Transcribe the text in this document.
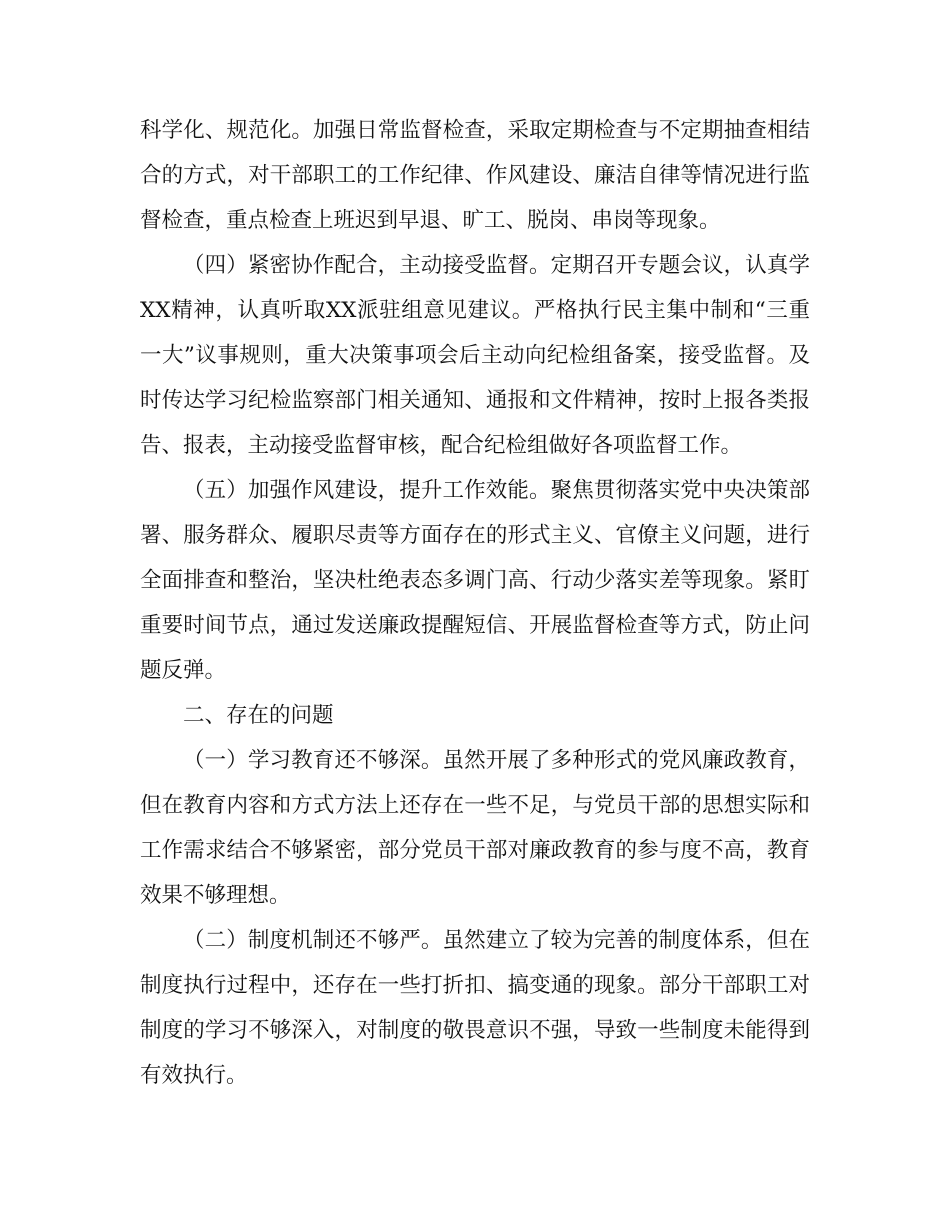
科学化、规范化。加强日常监督检查，采取定期检查与不定期抽查相结合的方式，对干部职工的工作纪律、作风建设、廉洁自律等情况进行监督检查，重点检查上班迟到早退、旷工、脱岗、串岗等现象。

（四）紧密协作配合，主动接受监督。定期召开专题会议，认真学XX精神，认真听取XX派驻组意见建议。严格执行民主集中制和“三重一大”议事规则，重大决策事项会后主动向纪检组备案，接受监督。及时传达学习纪检监察部门相关通知、通报和文件精神，按时上报各类报告、报表，主动接受监督审核，配合纪检组做好各项监督工作。

（五）加强作风建设，提升工作效能。聚焦贯彻落实党中央决策部署、服务群众、履职尽责等方面存在的形式主义、官僚主义问题，进行全面排查和整治，坚决杜绝表态多调门高、行动少落实差等现象。紧盯重要时间节点，通过发送廉政提醒短信、开展监督检查等方式，防止问题反弹。

二、存在的问题

（一）学习教育还不够深。虽然开展了多种形式的党风廉政教育，但在教育内容和方式方法上还存在一些不足，与党员干部的思想实际和工作需求结合不够紧密，部分党员干部对廉政教育的参与度不高，教育效果不够理想。

（二）制度机制还不够严。虽然建立了较为完善的制度体系，但在制度执行过程中，还存在一些打折扣、搞变通的现象。部分干部职工对制度的学习不够深入，对制度的敬畏意识不强，导致一些制度未能得到有效执行。
